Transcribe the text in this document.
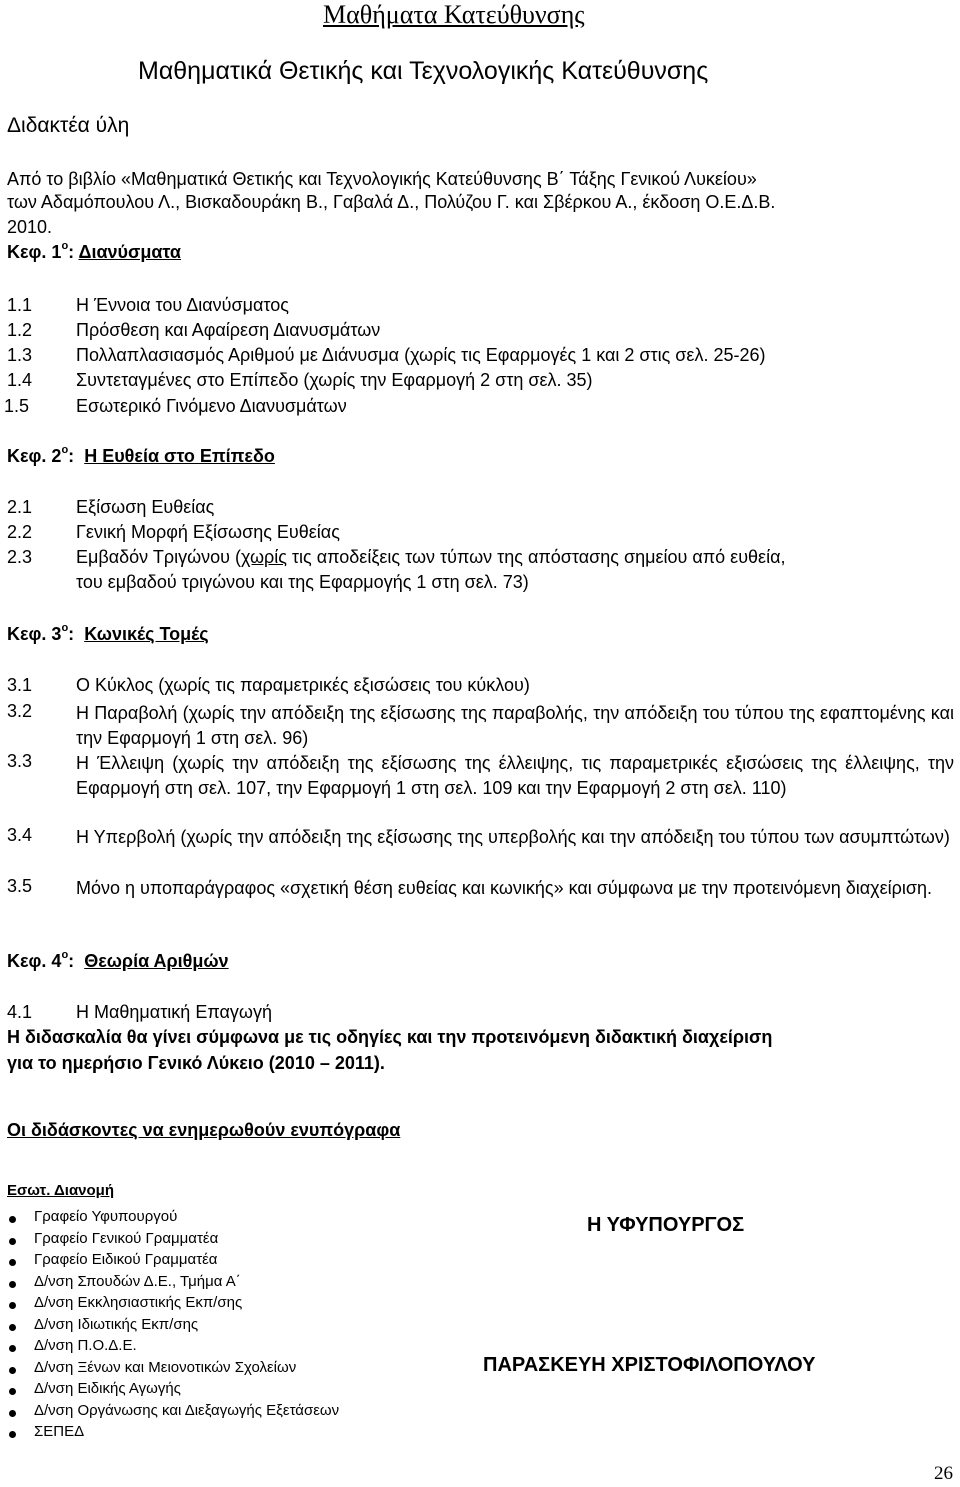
Μαθήματα Κατεύθυνσης
Μαθηματικά Θετικής και Τεχνολογικής Κατεύθυνσης
Διδακτέα ύλη
Από το βιβλίο «Μαθηματικά Θετικής και Τεχνολογικής Κατεύθυνσης Β΄ Τάξης Γενικού Λυκείου»
των Αδαμόπουλου Λ., Βισκαδουράκη Β., Γαβαλά Δ., Πολύζου Γ. και Σβέρκου Α., έκδοση Ο.Ε.Δ.Β.
2010.
Κεφ. $1^o$: Διανύσματα
1.1 Η Έννοια του Διανύσματος
1.2 Πρόσθεση και Αφαίρεση Διανυσμάτων
1.3 Πολλαπλασιασμός Αριθμού με Διάνυσμα (χωρίς τις Εφαρμογές 1 και 2 στις σελ. 25-26)
1.4 Συντεταγμένες στο Επίπεδο (χωρίς την Εφαρμογή 2 στη σελ. 35)
1.5	Εσωτερικό Γινόμενο Διανυσμάτων
Κεφ. $2^o$: Η Ευθεία στο Επίπεδο
2.1 Εξίσωση Ευθείας
2.2 Γενική Μορφή Εξίσωσης Ευθείας
2.3 Εμβαδόν Τριγώνου (χωρίς τις αποδείξεις των τύπων της απόστασης σημείου από ευθεία,
του εμβαδού τριγώνου και της Εφαρμογής 1 στη σελ. 73)
Κεφ. $3^o$: Κωνικές Τομές
3.1 Ο Κύκλος (χωρίς τις παραμετρικές εξισώσεις του κύκλου)
3.2 Η Παραβολή (χωρίς την απόδειξη της εξίσωσης της παραβολής, την απόδειξη του τύπου της εφαπτομένης και την Εφαρμογή 1 στη σελ. 96)
3.3 Η Έλλειψη (χωρίς την απόδειξη της εξίσωσης της έλλειψης, τις παραμετρικές εξισώσεις της έλλειψης, την Εφαρμογή στη σελ. 107, την Εφαρμογή 1 στη σελ. 109 και την Εφαρμογή 2 στη σελ. 110)
3.4 Η Υπερβολή (χωρίς την απόδειξη της εξίσωσης της υπερβολής και την απόδειξη του τύπου των ασυμπτώτων)
3.5 Μόνο η υποπαράγραφος «σχετική θέση ευθείας και κωνικής» και σύμφωνα με την προτεινόμενη διαχείριση.
Κεφ. $4^o$: Θεωρία Αριθμών
4.1 Η Μαθηματική Επαγωγή
Η διδασκαλία θα γίνει σύμφωνα με τις οδηγίες και την προτεινόμενη διδακτική διαχείριση
για το ημερήσιο Γενικό Λύκειο (2010 – 2011).
Οι διδάσκοντες να ενημερωθούν ενυπόγραφα
Εσωτ. Διανομή
Γραφείο Υφυπουργού
Γραφείο Γενικού Γραμματέα
Γραφείο Ειδικού Γραμματέα
Δ/νση Σπουδών Δ.Ε., Τμήμα Α΄
Δ/νση Εκκλησιαστικής Εκπ/σης
Δ/νση Ιδιωτικής Εκπ/σης
Δ/νση Π.Ο.Δ.Ε.
Δ/νση Ξένων και Μειονοτικών Σχολείων
Δ/νση Ειδικής Αγωγής
Δ/νση Οργάνωσης και Διεξαγωγής Εξετάσεων
ΣΕΠΕΔ
Η ΥΦΥΠΟΥΡΓΟΣ
ΠΑΡΑΣΚΕΥΗ ΧΡΙΣΤΟΦΙΛΟΠΟΥΛΟΥ
26
